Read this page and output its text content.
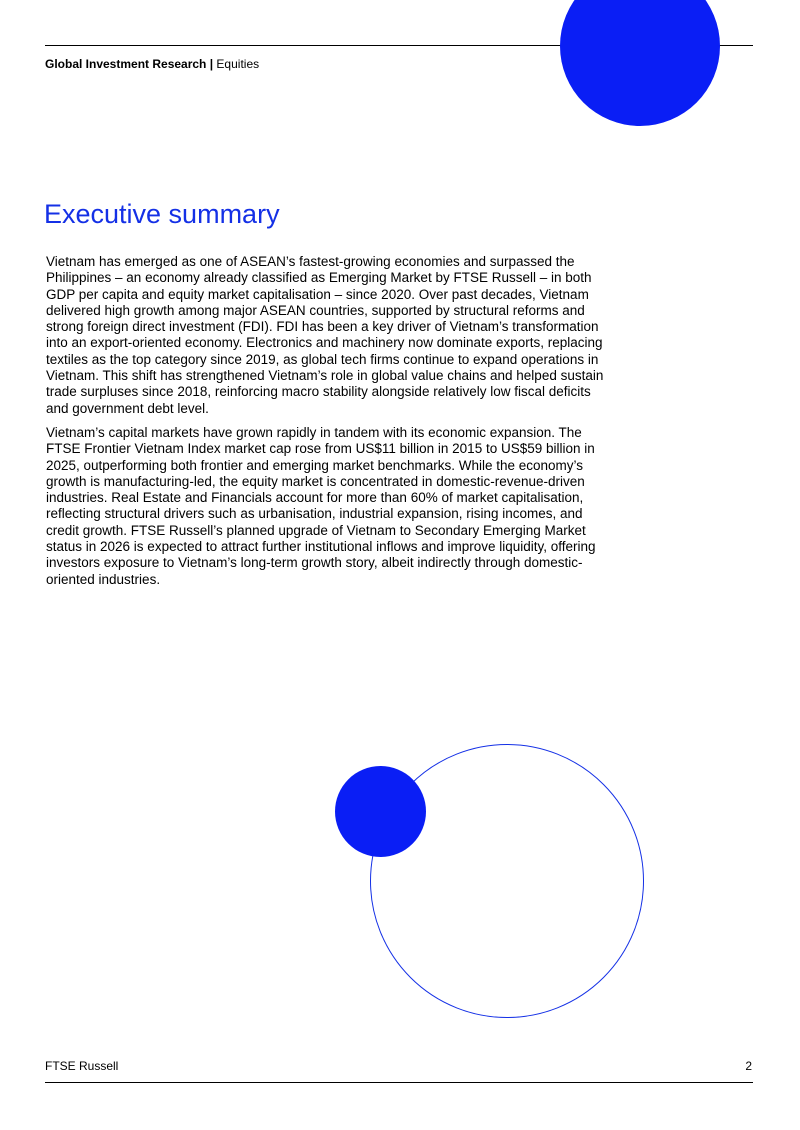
Global Investment Research | Equities
Executive summary

Vietnam has emerged as one of ASEAN’s fastest-growing economies and surpassed the Philippines – an economy already classified as Emerging Market by FTSE Russell – in both GDP per capita and equity market capitalisation – since 2020. Over past decades, Vietnam delivered high growth among major ASEAN countries, supported by structural reforms and strong foreign direct investment (FDI). FDI has been a key driver of Vietnam’s transformation into an export-oriented economy. Electronics and machinery now dominate exports, replacing textiles as the top category since 2019, as global tech firms continue to expand operations in Vietnam. This shift has strengthened Vietnam’s role in global value chains and helped sustain trade surpluses since 2018, reinforcing macro stability alongside relatively low fiscal deficits and government debt level.

Vietnam’s capital markets have grown rapidly in tandem with its economic expansion. The FTSE Frontier Vietnam Index market cap rose from US$11 billion in 2015 to US$59 billion in 2025, outperforming both frontier and emerging market benchmarks. While the economy’s growth is manufacturing-led, the equity market is concentrated in domestic-revenue-driven industries. Real Estate and Financials account for more than 60% of market capitalisation, reflecting structural drivers such as urbanisation, industrial expansion, rising incomes, and credit growth. FTSE Russell’s planned upgrade of Vietnam to Secondary Emerging Market status in 2026 is expected to attract further institutional inflows and improve liquidity, offering investors exposure to Vietnam’s long-term growth story, albeit indirectly through domestic-oriented industries.

FTSE Russell	2
